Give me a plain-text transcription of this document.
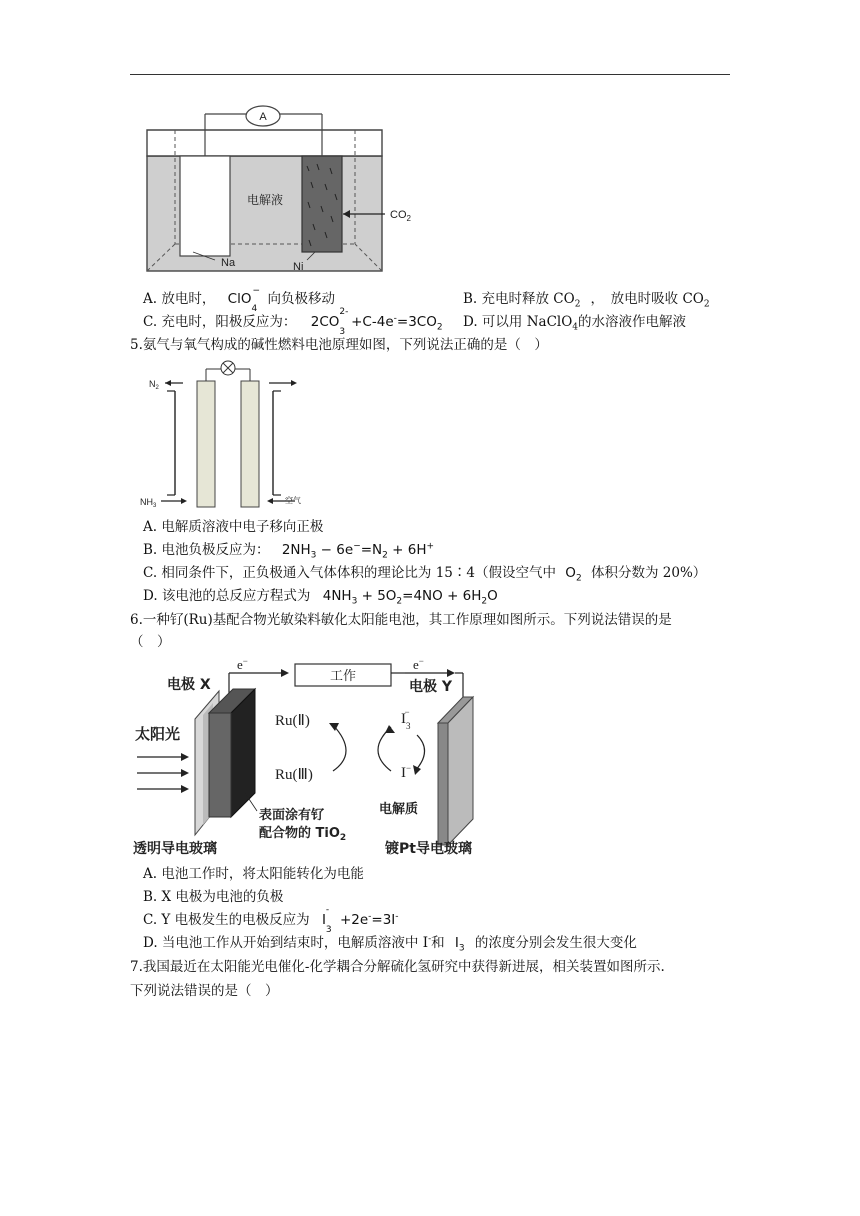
A
电解液
$CO_2$
Na	Ni
A. 放电时， ClO −
$_4$ 向负极移动	B. 充电时释放 $CO_2$ ，　放电时吸收 $CO_2$
C. 充电时，阳极反应为： 2CO
2-
$_3+C-4e^-=3CO_2$ D. 可以用 NaClO$_4$的水溶液作电解液
5.氨气与氧气构成的碱性燃料电池原理如图，下列说法正确的是（　）
$N_2$
$NH_3$
空气
A. 电解质溶液中电子移向正极
B. 电池负极反应为： $2NH_3 - 6e^-=N_2 + 6H^+$
C. 相同条件下，正负极通入气体体积的理论比为 15∶4（假设空气中 $O_2$ 体积分数为 20%）
D. 该电池的总反应方程式为 $4NH_3 + 5O_2=4NO + 6H_2O$
6.一种钌(Ru)基配合物光敏染料敏化太阳能电池，其工作原理如图所示。下列说法错误的是
（　）
e−
工作
e−
电极 X	电极 Y
太阳光
Ru(Ⅱ)
Ru(Ⅲ)
$I_3-$
I−
表面涂有钌
配合物的 TiO$_2$
电解质
透明导电玻璃	镀Pt导电玻璃
A. 电池工作时，将太阳能转化为电能
B. X 电极为电池的负极
C. Y 电极发生的电极反应为 I
-
$_3$ +2e-=3I-
D. 当电池工作从开始到结束时，电解质溶液中 I-和 $I_3$ 的浓度分别会发生很大变化
7.我国最近在太阳能光电催化-化学耦合分解硫化氢研究中获得新进展，相关装置如图所示.
下列说法错误的是（　）
